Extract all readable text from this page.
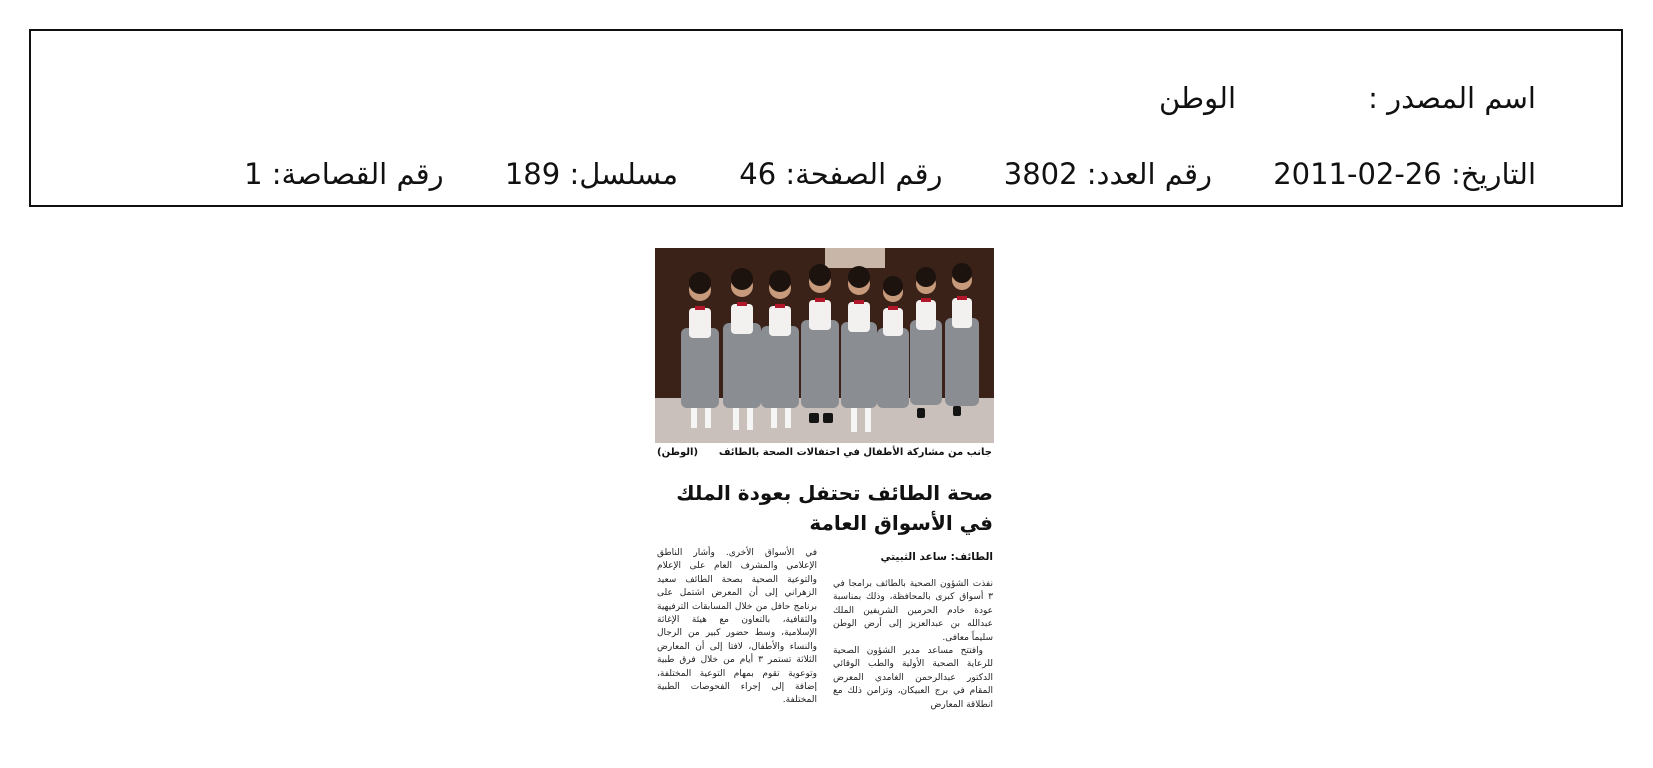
اسم المصدر :
الوطن
التاريخ: 2011-02-26 رقم العدد: 3802 رقم الصفحة: 46 مسلسل: 189 رقم القصاصة: 1
جانب من مشاركة الأطفال في احتفالات الصحة بالطائف
(الوطن)
صحة الطائف تحتفل بعودة الملك
في الأسواق العامة
الطائف: ساعد الثبيتي

نفذت الشؤون الصحية بالطائف برامجا في ٣ أسواق كبرى بالمحافظة، وذلك بمناسبة عودة خادم الحرمين الشريفين الملك عبدالله بن عبدالعزيز إلى أرض الوطن سليماً معافى.

وافتتح مساعد مدير الشؤون الصحية للرعاية الصحية الأولية والطب الوقائي الدكتور عبدالرحمن الغامدي المعرض المقام في برج العبيكان، وتزامن ذلك مع انطلاقة المعارض

في الأسواق الأخرى. وأشار الناطق الإعلامي والمشرف العام على الإعلام والتوعية الصحية بصحة الطائف سعيد الزهراني إلى أن المعرض اشتمل على برنامج حافل من خلال المسابقات الترفيهية والثقافية، بالتعاون مع هيئة الإغاثة الإسلامية، وسط حضور كبير من الرجال والنساء والأطفال، لافتا إلى أن المعارض الثلاثة تستمر ٣ أيام من خلال فرق طبية وتوعوية تقوم بمهام التوعية المختلفة، إضافة إلى إجراء الفحوصات الطبية المختلفة.
